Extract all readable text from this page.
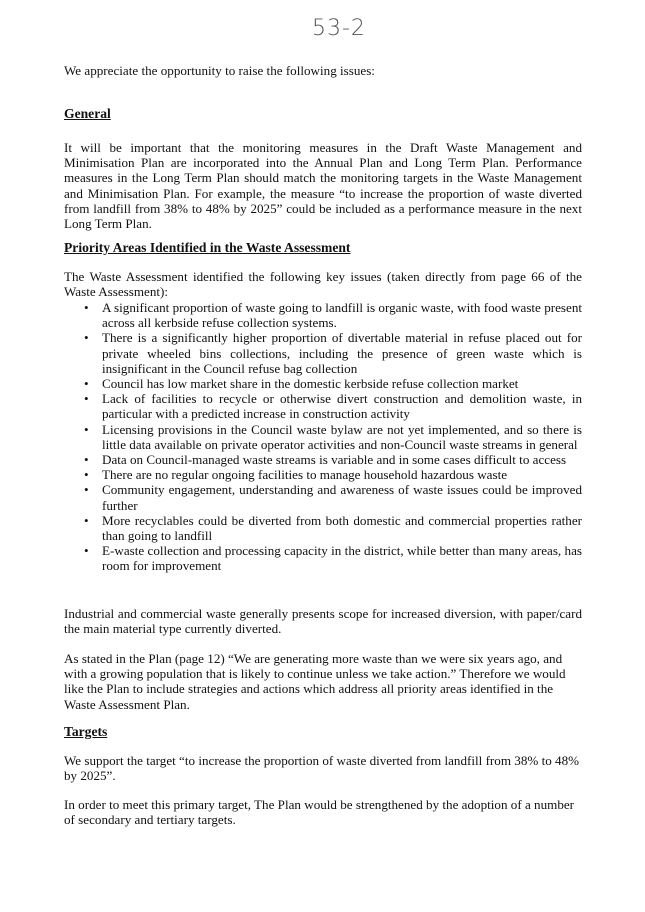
53-2

We appreciate the opportunity to raise the following issues:

General

It will be important that the monitoring measures in the Draft Waste Management and Minimisation Plan are incorporated into the Annual Plan and Long Term Plan. Performance measures in the Long Term Plan should match the monitoring targets in the Waste Management and Minimisation Plan. For example, the measure “to increase the proportion of waste diverted from landfill from 38% to 48% by 2025” could be included as a performance measure in the next Long Term Plan.

Priority Areas Identified in the Waste Assessment

The Waste Assessment identified the following key issues (taken directly from page 66 of the Waste Assessment):

• A significant proportion of waste going to landfill is organic waste, with food waste present across all kerbside refuse collection systems.
• There is a significantly higher proportion of divertable material in refuse placed out for private wheeled bins collections, including the presence of green waste which is insignificant in the Council refuse bag collection
• Council has low market share in the domestic kerbside refuse collection market
• Lack of facilities to recycle or otherwise divert construction and demolition waste, in particular with a predicted increase in construction activity
• Licensing provisions in the Council waste bylaw are not yet implemented, and so there is little data available on private operator activities and non-Council waste streams in general
• Data on Council-managed waste streams is variable and in some cases difficult to access
• There are no regular ongoing facilities to manage household hazardous waste
• Community engagement, understanding and awareness of waste issues could be improved further
• More recyclables could be diverted from both domestic and commercial properties rather than going to landfill
• E-waste collection and processing capacity in the district, while better than many areas, has room for improvement

Industrial and commercial waste generally presents scope for increased diversion, with paper/card the main material type currently diverted.

As stated in the Plan (page 12) “We are generating more waste than we were six years ago, and with a growing population that is likely to continue unless we take action.” Therefore we would like the Plan to include strategies and actions which address all priority areas identified in the Waste Assessment Plan.

Targets

We support the target “to increase the proportion of waste diverted from landfill from 38% to 48% by 2025”.

In order to meet this primary target, The Plan would be strengthened by the adoption of a number of secondary and tertiary targets.
